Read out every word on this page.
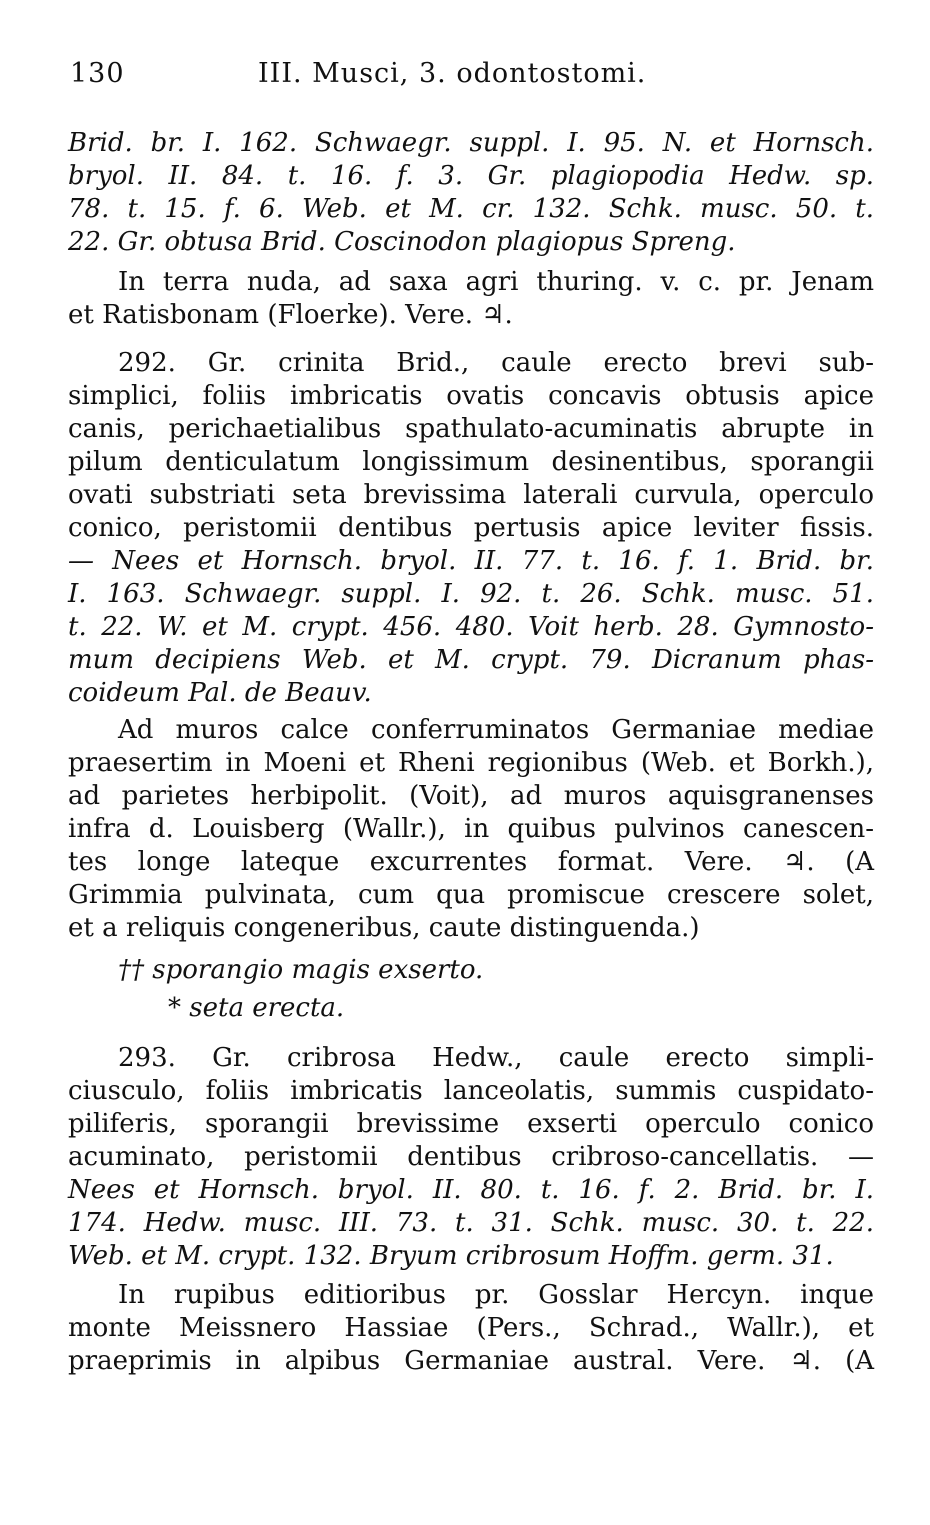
130	III. Musci, 3. odontostomi.
Brid. br. I. 162. Schwaegr. suppl. I. 95. N. et Hornsch.
bryol. II. 84. t. 16. f. 3. Gr. plagiopodia Hedw. sp.
78. t. 15. f. 6. Web. et M. cr. 132. Schk. musc. 50. t.
22. Gr. obtusa Brid. Coscinodon plagiopus Spreng.
In terra nuda, ad saxa agri thuring. v. c. pr. Jenam
et Ratisbonam (Floerke). Vere. ♃.
292. Gr. crinita Brid., caule erecto brevi sub-
simplici, foliis imbricatis ovatis concavis obtusis apice
canis, perichaetialibus spathulato-acuminatis abrupte in
pilum denticulatum longissimum desinentibus, sporangii
ovati substriati seta brevissima laterali curvula, operculo
conico, peristomii dentibus pertusis apice leviter fissis.
— Nees et Hornsch. bryol. II. 77. t. 16. f. 1. Brid. br.
I. 163. Schwaegr. suppl. I. 92. t. 26. Schk. musc. 51.
t. 22. W. et M. crypt. 456. 480. Voit herb. 28. Gymnosto-
mum decipiens Web. et M. crypt. 79. Dicranum phas-
coideum Pal. de Beauv.
Ad muros calce conferruminatos Germaniae mediae
praesertim in Moeni et Rheni regionibus (Web. et Borkh.),
ad parietes herbipolit. (Voit), ad muros aquisgranenses
infra d. Louisberg (Wallr.), in quibus pulvinos canescen-
tes longe lateque excurrentes format. Vere. ♃. (A
Grimmia pulvinata, cum qua promiscue crescere solet,
et a reliquis congeneribus, caute distinguenda.)
†† sporangio magis exserto.
* seta erecta.
293. Gr. cribrosa Hedw., caule erecto simpli-
ciusculo, foliis imbricatis lanceolatis, summis cuspidato-
piliferis, sporangii brevissime exserti operculo conico
acuminato, peristomii dentibus cribroso-cancellatis. —
Nees et Hornsch. bryol. II. 80. t. 16. f. 2. Brid. br. I.
174. Hedw. musc. III. 73. t. 31. Schk. musc. 30. t. 22.
Web. et M. crypt. 132. Bryum cribrosum Hoffm. germ. 31.
In rupibus editioribus pr. Gosslar Hercyn. inque
monte Meissnero Hassiae (Pers., Schrad., Wallr.), et
praeprimis in alpibus Germaniae austral. Vere. ♃. (A
